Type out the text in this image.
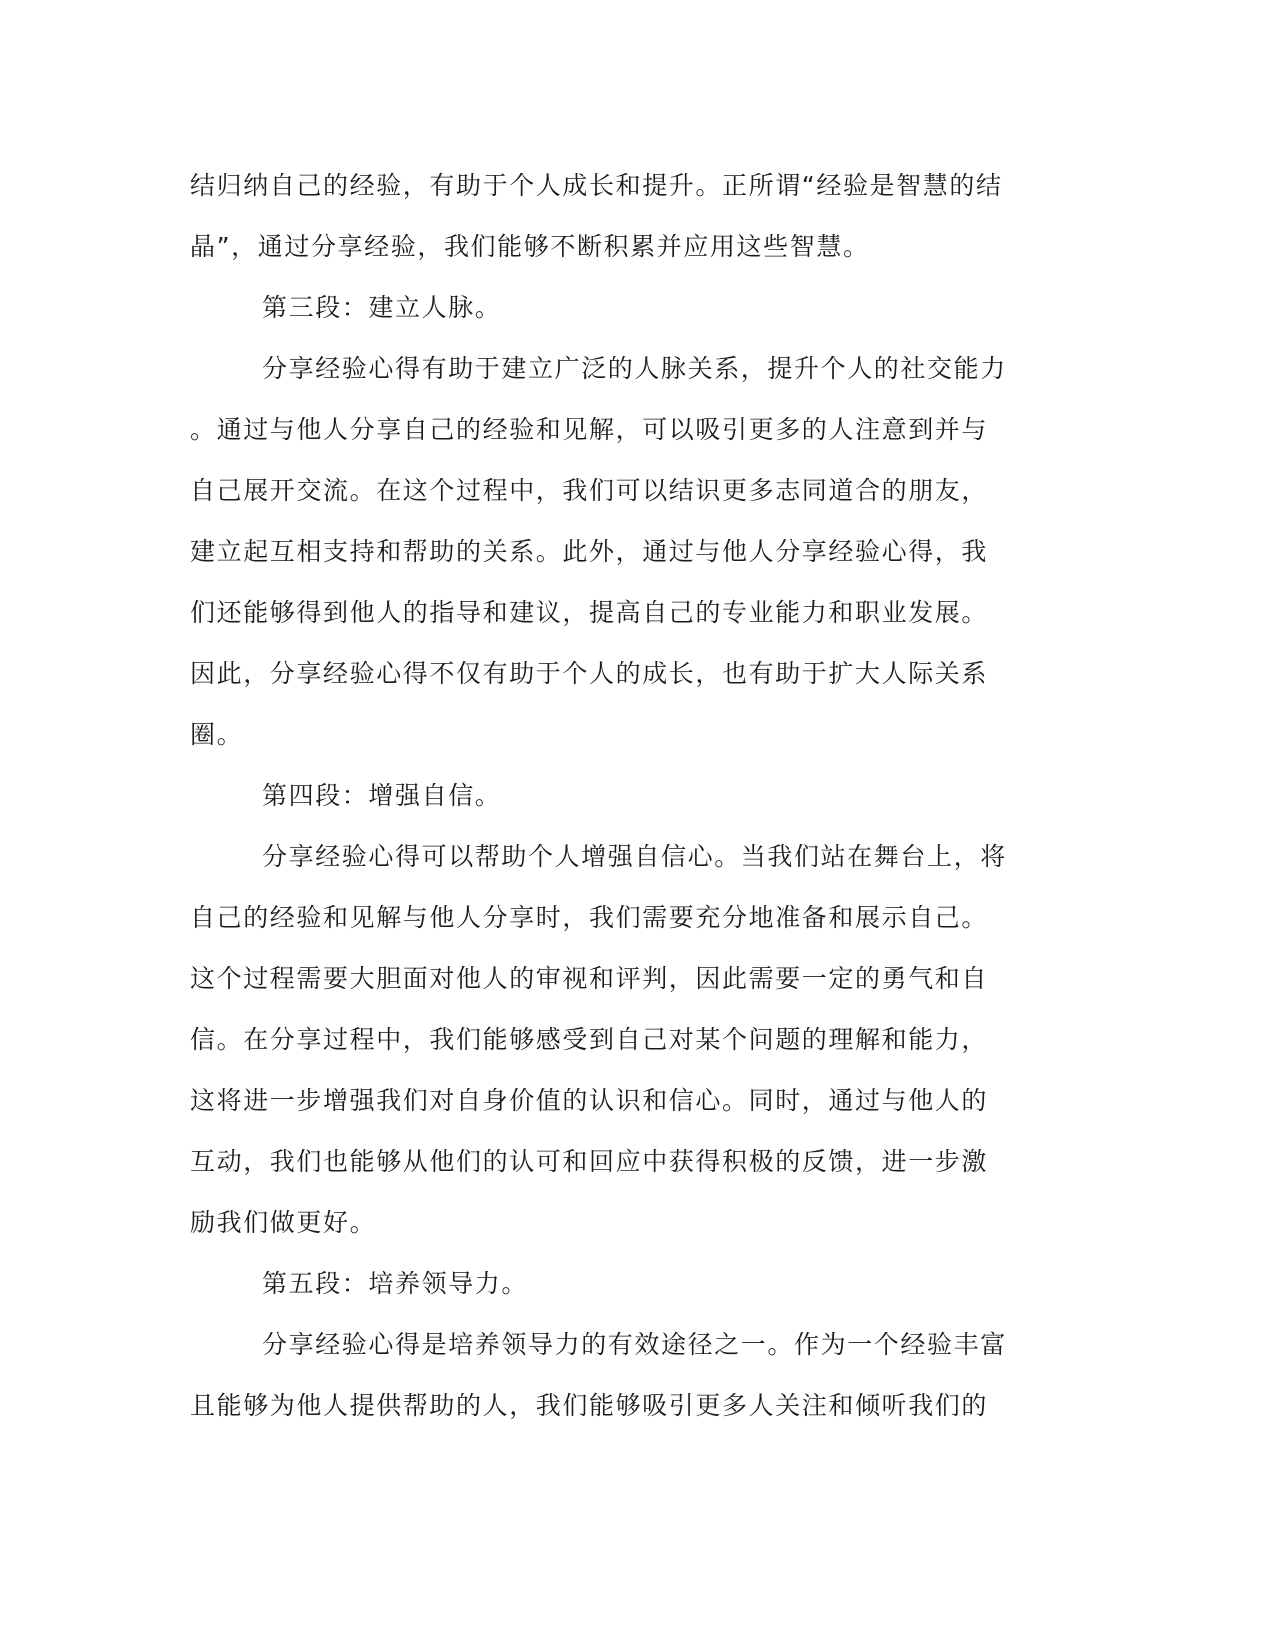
结归纳自己的经验，有助于个人成长和提升。正所谓“经验是智慧的结
晶”，通过分享经验，我们能够不断积累并应用这些智慧。
第三段：建立人脉。
分享经验心得有助于建立广泛的人脉关系，提升个人的社交能力
。通过与他人分享自己的经验和见解，可以吸引更多的人注意到并与
自己展开交流。在这个过程中，我们可以结识更多志同道合的朋友，
建立起互相支持和帮助的关系。此外，通过与他人分享经验心得，我
们还能够得到他人的指导和建议，提高自己的专业能力和职业发展。
因此，分享经验心得不仅有助于个人的成长，也有助于扩大人际关系
圈。
第四段：增强自信。
分享经验心得可以帮助个人增强自信心。当我们站在舞台上，将
自己的经验和见解与他人分享时，我们需要充分地准备和展示自己。
这个过程需要大胆面对他人的审视和评判，因此需要一定的勇气和自
信。在分享过程中，我们能够感受到自己对某个问题的理解和能力，
这将进一步增强我们对自身价值的认识和信心。同时，通过与他人的
互动，我们也能够从他们的认可和回应中获得积极的反馈，进一步激
励我们做更好。
第五段：培养领导力。
分享经验心得是培养领导力的有效途径之一。作为一个经验丰富
且能够为他人提供帮助的人，我们能够吸引更多人关注和倾听我们的
